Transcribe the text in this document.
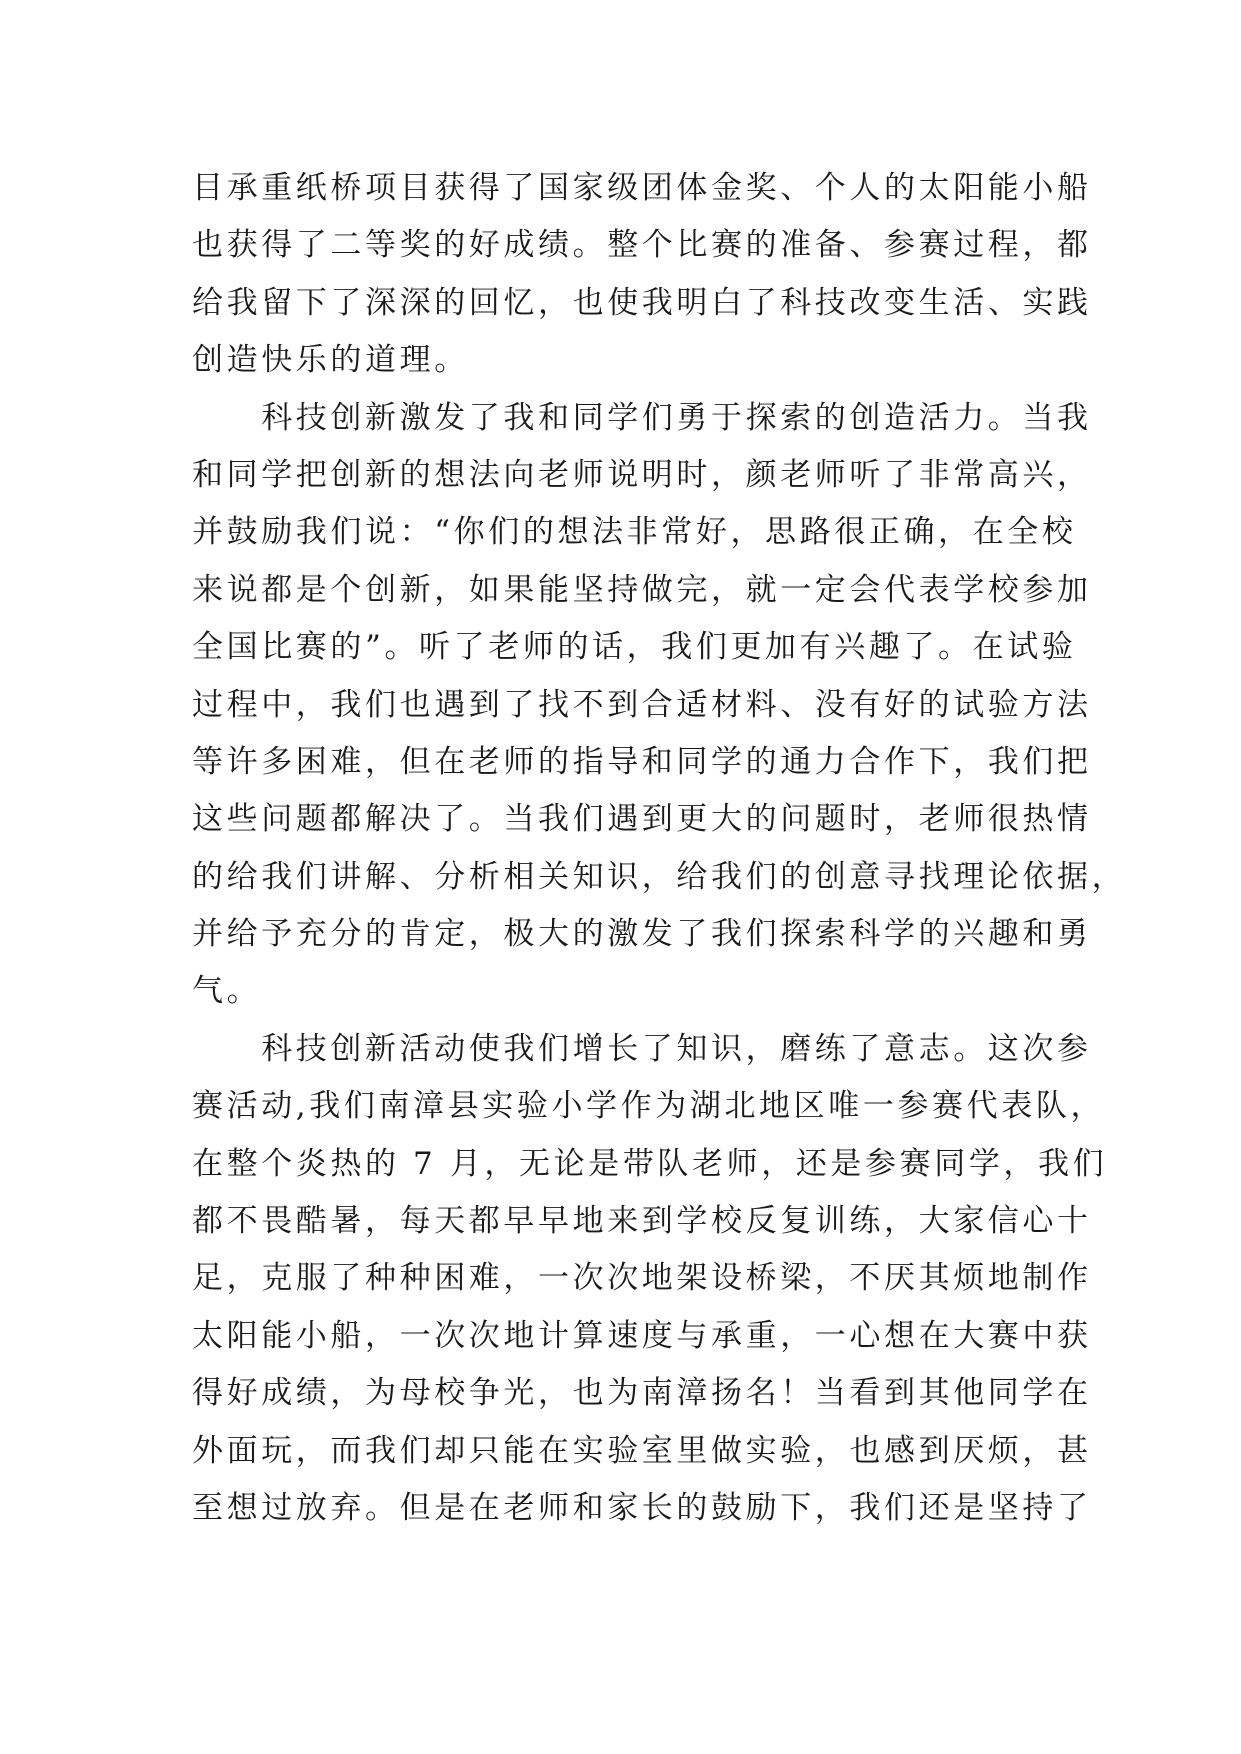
目承重纸桥项目获得了国家级团体金奖、个人的太阳能小船
也获得了二等奖的好成绩。整个比赛的准备、参赛过程，都
给我留下了深深的回忆，也使我明白了科技改变生活、实践
创造快乐的道理。
　　科技创新激发了我和同学们勇于探索的创造活力。当我
和同学把创新的想法向老师说明时，颜老师听了非常高兴，
并鼓励我们说：“你们的想法非常好，思路很正确，在全校
来说都是个创新，如果能坚持做完，就一定会代表学校参加
全国比赛的”。听了老师的话，我们更加有兴趣了。在试验
过程中，我们也遇到了找不到合适材料、没有好的试验方法
等许多困难，但在老师的指导和同学的通力合作下，我们把
这些问题都解决了。当我们遇到更大的问题时，老师很热情
的给我们讲解、分析相关知识，给我们的创意寻找理论依据，
并给予充分的肯定，极大的激发了我们探索科学的兴趣和勇
气。
　　科技创新活动使我们增长了知识，磨练了意志。这次参
赛活动,我们南漳县实验小学作为湖北地区唯一参赛代表队，
在整个炎热的 7 月，无论是带队老师，还是参赛同学，我们
都不畏酷暑，每天都早早地来到学校反复训练，大家信心十
足，克服了种种困难，一次次地架设桥梁，不厌其烦地制作
太阳能小船，一次次地计算速度与承重，一心想在大赛中获
得好成绩，为母校争光，也为南漳扬名！当看到其他同学在
外面玩，而我们却只能在实验室里做实验，也感到厌烦，甚
至想过放弃。但是在老师和家长的鼓励下，我们还是坚持了
